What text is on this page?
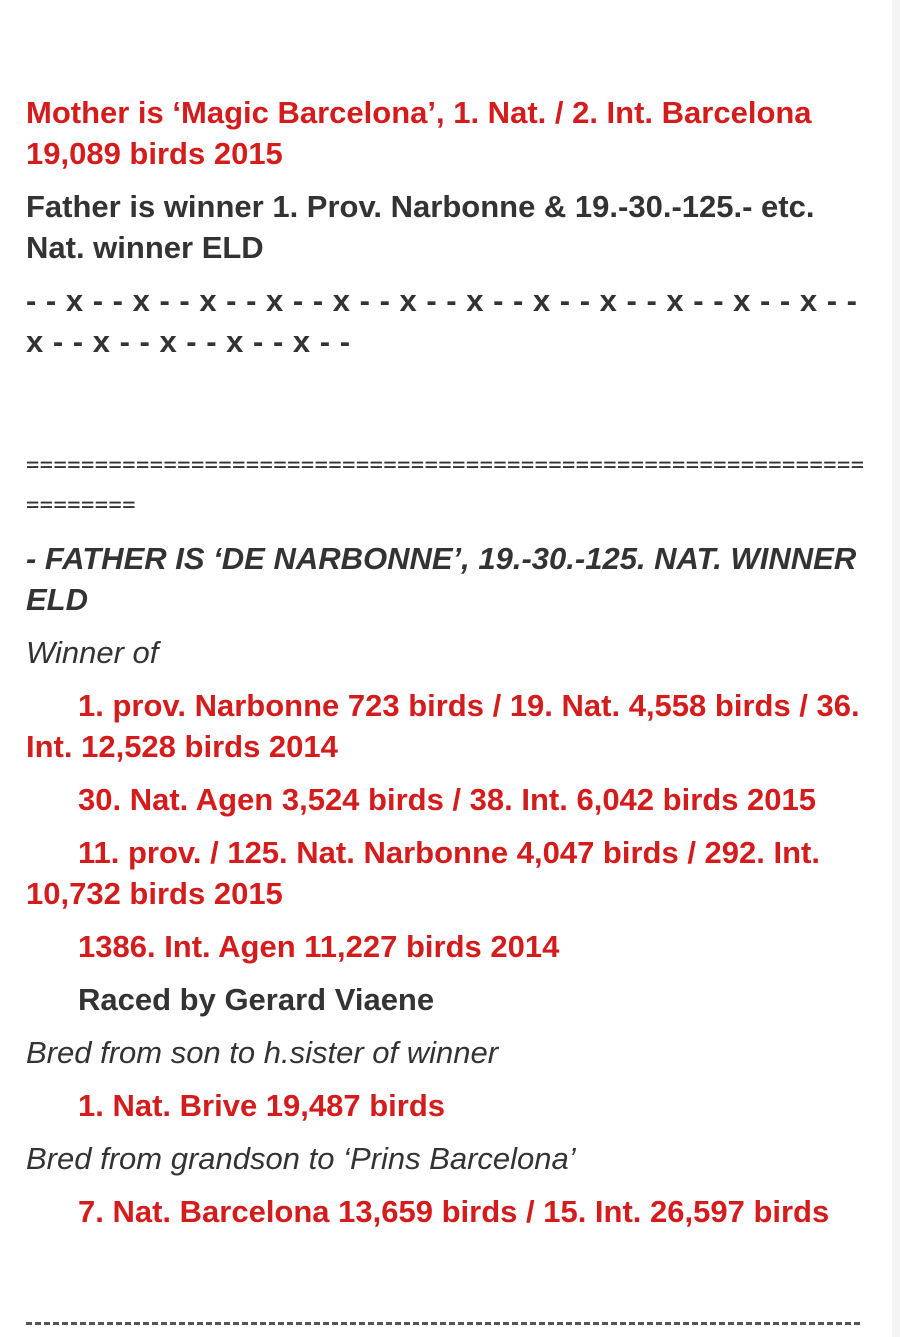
Mother is ‘Magic Barcelona’, 1. Nat. / 2. Int. Barcelona 19,089 birds 2015

Father is winner 1. Prov. Narbonne & 19.-30.-125.- etc. Nat. winner ELD

- - x - - x - - x - - x - - x - - x - - x - - x - - x - - x - - x - - x - - x - - x - - x - - x - - x - -

=====================================================================

- FATHER IS ‘DE NARBONNE’, 19.-30.-125. NAT. WINNER ELD

Winner of

1. prov. Narbonne 723 birds / 19. Nat. 4,558 birds / 36. Int. 12,528 birds 2014

30. Nat. Agen 3,524 birds / 38. Int. 6,042 birds 2015

11. prov. / 125. Nat. Narbonne 4,047 birds / 292. Int. 10,732 birds 2015

1386. Int. Agen 11,227 birds 2014

Raced by Gerard Viaene

Bred from son to h.sister of winner

1. Nat. Brive 19,487 birds

Bred from grandson to ‘Prins Barcelona’

7. Nat. Barcelona 13,659 birds / 15. Int. 26,597 birds
